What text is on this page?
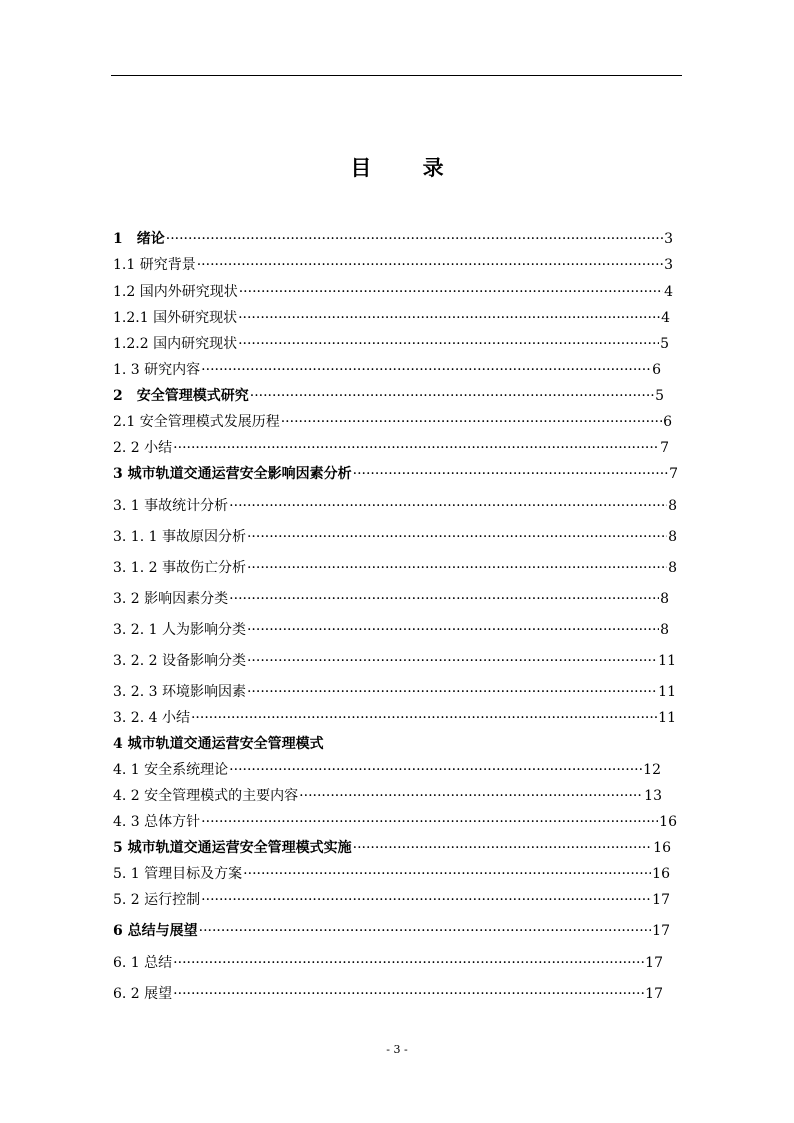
目 录
1　绪论 ·····	3
1.1 研究背景 ·····	3
1.2 国内外研究现状 ·····	4
1.2.1 国外研究现状 ·····	4
1.2.2 国内研究现状 ·····	5
1. 3 研究内容 ·····	6
2　安全管理模式研究 ·····	5
2.1 安全管理模式发展历程 ·····	6
2. 2 小结 ·····	7
3 城市轨道交通运营安全影响因素分析 ·····	7
3. 1 事故统计分析 ·····	8
3. 1. 1 事故原因分析 ·····	8
3. 1. 2 事故伤亡分析 ·····	8
3. 2 影响因素分类 ·····	8
3. 2. 1 人为影响分类 ·····	8
3. 2. 2 设备影响分类 ·····	11
3. 2. 3 环境影响因素 ·····	11
3. 2. 4 小结 ·····	11
4 城市轨道交通运营安全管理模式
4. 1 安全系统理论 ·····	12
4. 2 安全管理模式的主要内容 ·····	13
4. 3 总体方针 ·····	16
5 城市轨道交通运营安全管理模式实施 ·····	16
5. 1 管理目标及方案 ·····	16
5. 2 运行控制 ·····	17
6 总结与展望 ·····	17
6. 1 总结 ·····	17
6. 2 展望 ·····	17
- 3 -
